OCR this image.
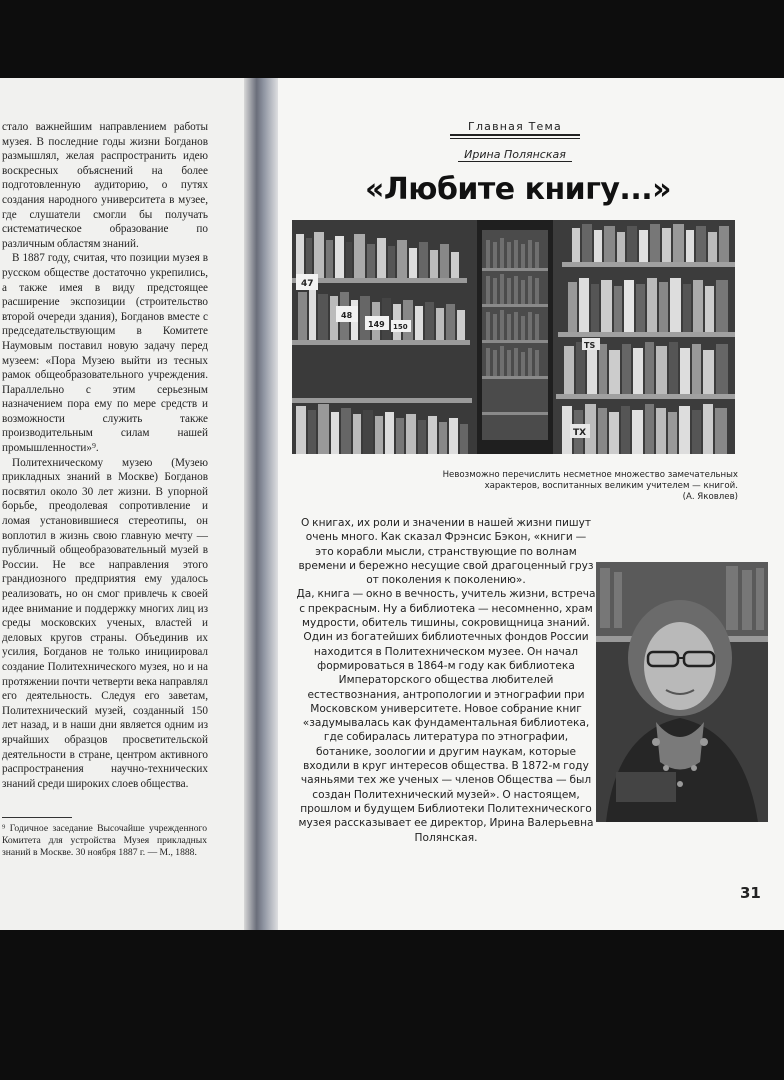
стало важнейшим направлением работы музея. В последние годы жизни Богданов размышлял, желая распространить идею воскресных объяснений на более подготовленную аудиторию, о путях создания народного университета в музее, где слушатели смогли бы получать систематическое образование по различным областям знаний.

В 1887 году, считая, что позиции музея в русском обществе достаточно укрепились, а также имея в виду предстоящее расширение экспозиции (строительство второй очереди здания), Богданов вместе с председательствующим в Комитете Наумовым поставил новую задачу перед музеем: «Пора Музею выйти из тесных рамок общеобразовательного учреждения. Параллельно с этим серьезным назначением пора ему по мере средств и возможности служить также производительным силам нашей промышленности»⁹.

Политехническому музею (Музею прикладных знаний в Москве) Богданов посвятил около 30 лет жизни. В упорной борьбе, преодолевая сопротивление и ломая установившиеся стереотипы, он воплотил в жизнь свою главную мечту — публичный общеобразовательный музей в России. Не все направления этого грандиозного предприятия ему удалось реализовать, но он смог привлечь к своей идее внимание и поддержку многих лиц из среды московских ученых, властей и деловых кругов страны. Объединив их усилия, Богданов не только инициировал создание Политехнического музея, но и на протяжении почти четверти века направлял его деятельность. Следуя его заветам, Политехнический музей, созданный 150 лет назад, и в наши дни является одним из ярчайших образцов просветительской деятельности в стране, центром активного распространения научно-технических знаний среди широких слоев общества.

⁹ Годичное заседание Высочайше учрежденного Комитета для устройства Музея прикладных знаний в Москве. 30 ноября 1887 г. — М., 1888.
Главная Тема
Ирина Полянская
«Любите книгу...»
47
48
149 150
TS
TX
Невозможно перечислить несметное множество замечательных
характеров, воспитанных великим учителем — книгой.
(А. Яковлев)

О книгах, их роли и значении в нашей жизни пишут очень много. Как сказал Фрэнсис Бэкон, «книги — это корабли мысли, странствующие по волнам времени и бережно несущие свой драгоценный груз от поколения к поколению».

Да, книга — окно в вечность, учитель жизни, встреча с прекрасным. Ну а библиотека — несомненно, храм мудрости, обитель тишины, сокровищница знаний.

Один из богатейших библиотечных фондов России находится в Политехническом музее. Он начал формироваться в 1864-м году как библиотека Императорского общества любителей естествознания, антропологии и этнографии при Московском университете. Новое собрание книг «задумывалась как фундаментальная библиотека, где собиралась литература по этнографии, ботанике, зоологии и другим наукам, которые входили в круг интересов общества. В 1872-м году чаяньями тех же ученых — членов Общества — был создан Политехнический музей». О настоящем, прошлом и будущем Библиотеки Политехнического музея рассказывает ее директор, Ирина Валерьевна Полянская.

31
